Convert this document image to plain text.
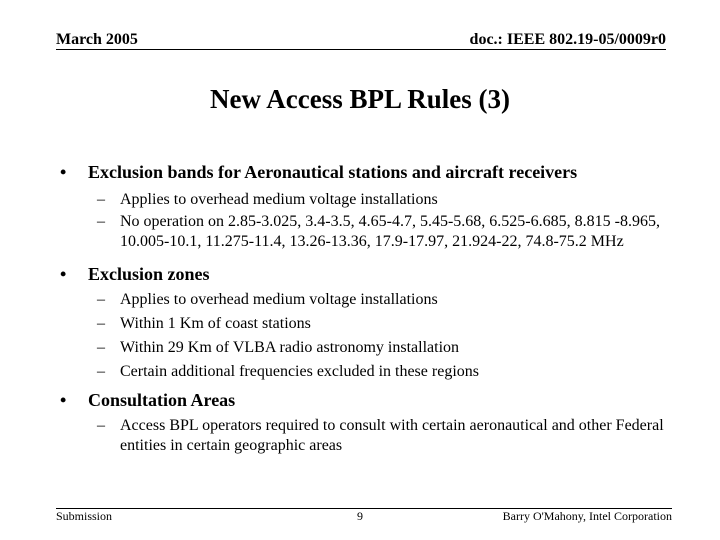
March 2005	doc.: IEEE 802.19-05/0009r0
New Access BPL Rules (3)
• Exclusion bands for Aeronautical stations and aircraft receivers
– Applies to overhead medium voltage installations
– No operation on 2.85-3.025, 3.4-3.5, 4.65-4.7, 5.45-5.68, 6.525-6.685, 8.815 -8.965, 10.005-10.1, 11.275-11.4, 13.26-13.36, 17.9-17.97, 21.924-22, 74.8-75.2 MHz
• Exclusion zones
– Applies to overhead medium voltage installations
– Within 1 Km of coast stations
– Within 29 Km of VLBA radio astronomy installation
– Certain additional frequencies excluded in these regions
• Consultation Areas
– Access BPL operators required to consult with certain aeronautical and other Federal entities in certain geographic areas
Submission	9	Barry O'Mahony, Intel Corporation
